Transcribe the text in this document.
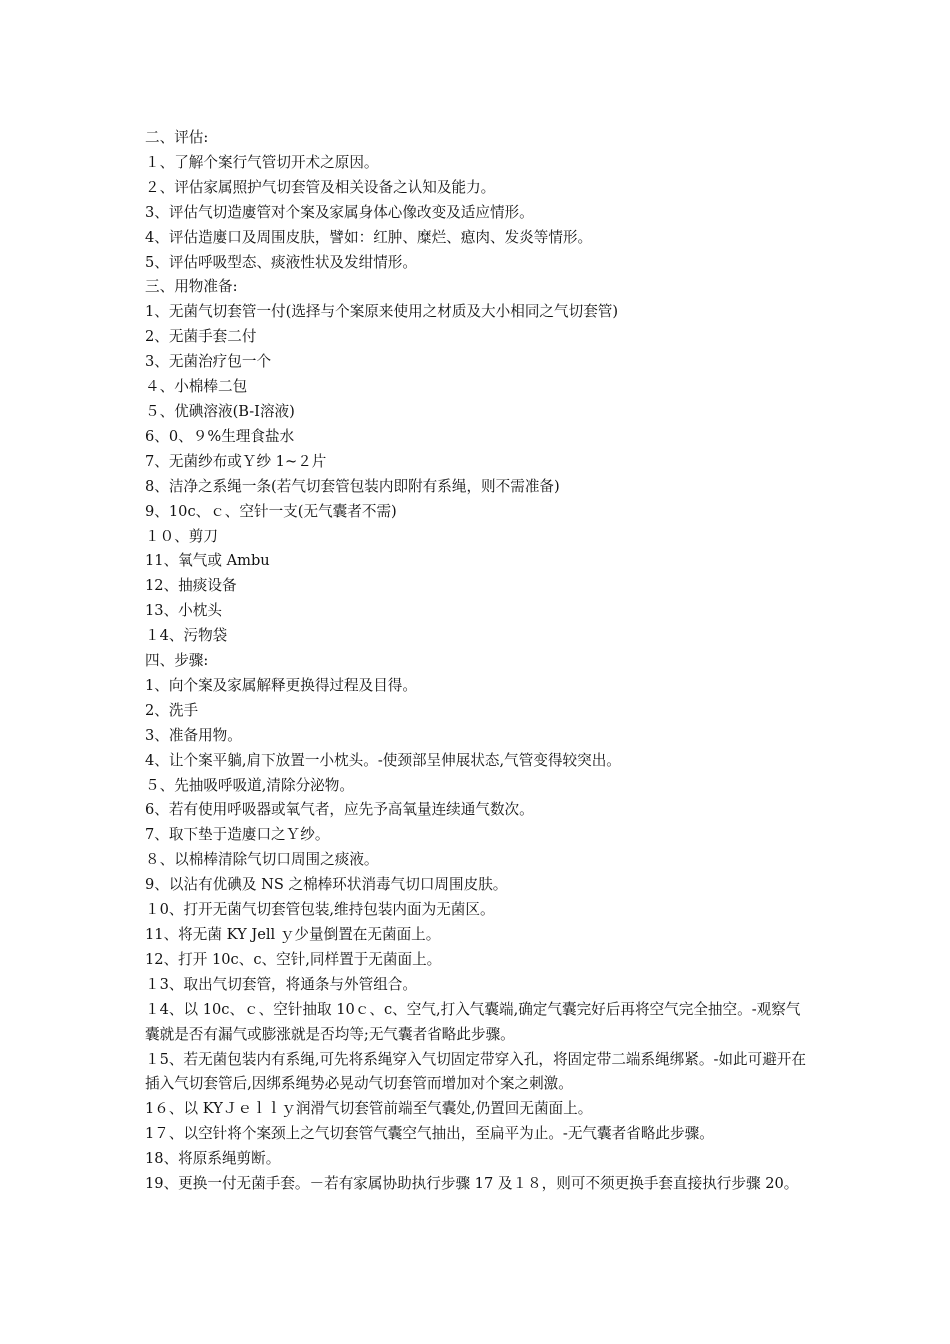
二、评估:

１、了解个案行气管切开术之原因。

２、评估家属照护气切套管及相关设备之认知及能力。

3、评估气切造廔管对个案及家属身体心像改变及适应情形。

4、评估造廔口及周围皮肤，譬如：红肿、糜烂、瘜肉、发炎等情形。

5、评估呼吸型态、痰液性状及发绀情形。

三、用物准备:

1、无菌气切套管一付(选择与个案原来使用之材质及大小相同之气切套管)

2、无菌手套二付

3、无菌治疗包一个

４、小棉棒二包

５、优碘溶液(B-Ⅰ溶液)

6、0、９%生理食盐水

7、无菌纱布或Ｙ纱 1~２片

8、洁净之系绳一条(若气切套管包装内即附有系绳，则不需准备)

9、10c、ｃ、空针一支(无气囊者不需)

１０、剪刀

11、氧气或 Ambu

12、抽痰设备

13、小枕头

１4、污物袋

四、步骤:

1、向个案及家属解释更换得过程及目得。

2、洗手

3、准备用物。

4、让个案平躺,肩下放置一小枕头。-使颈部呈伸展状态,气管变得较突出。

５、先抽吸呼吸道,清除分泌物。

6、若有使用呼吸器或氧气者，应先予高氧量连续通气数次。

7、取下垫于造廔口之Ｙ纱。

８、以棉棒清除气切口周围之痰液。

9、以沾有优碘及 NS 之棉棒环状消毒气切口周围皮肤。

１0、打开无菌气切套管包装,维持包装内面为无菌区。

11、将无菌 KY Jell ｙ少量倒置在无菌面上。

12、打开 10c、c、空针,同样置于无菌面上。

１3、取出气切套管，将通条与外管组合。

１4、以 10c、ｃ、空针抽取 10ｃ、c、空气,打入气囊端,确定气囊完好后再将空气完全抽空。-观察气囊就是否有漏气或膨涨就是否均等;无气囊者省略此步骤。

１5、若无菌包装内有系绳,可先将系绳穿入气切固定带穿入孔，将固定带二端系绳绑紧。-如此可避开在插入气切套管后,因绑系绳势必晃动气切套管而增加对个案之刺激。

1６、以 KYＪｅｌｌｙ润滑气切套管前端至气囊处,仍置回无菌面上。

1７、以空针将个案颈上之气切套管气囊空气抽出，至扁平为止。-无气囊者省略此步骤。

18、将原系绳剪断。

19、更换一付无菌手套。－若有家属协助执行步骤 17 及１８，则可不须更换手套直接执行步骤 20。
